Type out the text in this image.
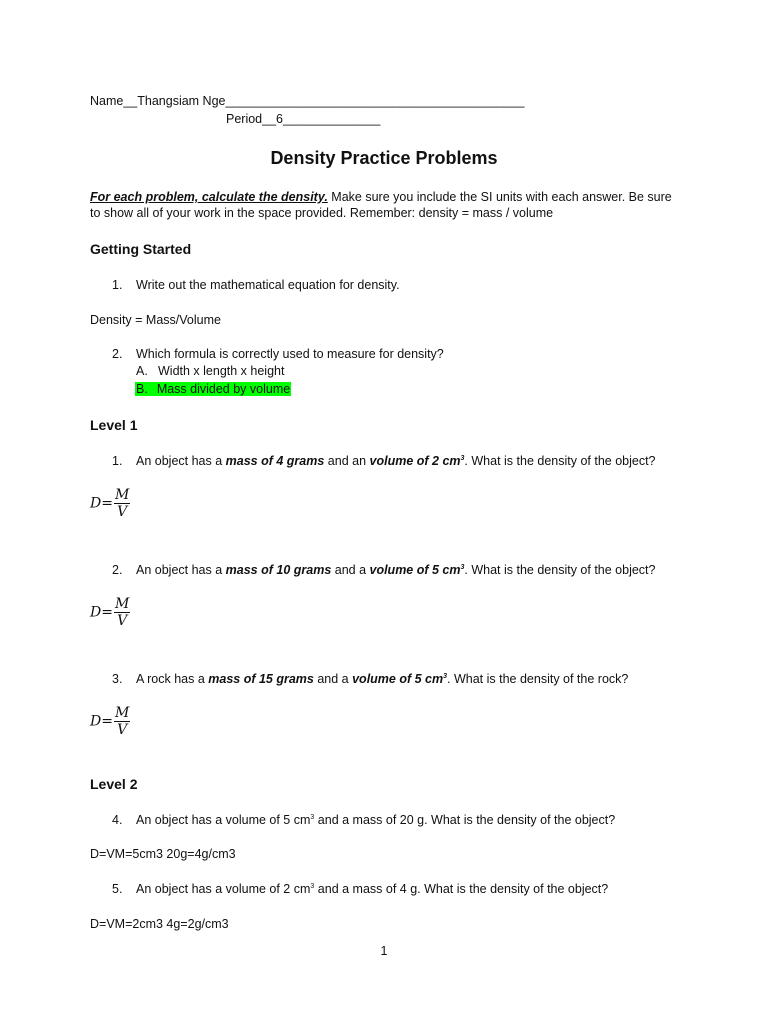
Name__Thangsiam Nge___________________________________________
Period__6______________
Density Practice Problems
For each problem, calculate the density. Make sure you include the SI units with each answer. Be sure to show all of your work in the space provided. Remember: density = mass / volume
Getting Started
1. Write out the mathematical equation for density.
Density = Mass/Volume
2. Which formula is correctly used to measure for density?
A. Width x length x height
B. Mass divided by volume
Level 1
1. An object has a mass of 4 grams and an volume of 2 $cm^3$. What is the density of the object?
$D= \frac{M}{V}$
2. An object has a mass of 10 grams and a volume of 5 $cm^3$. What is the density of the object?
$D= \frac{M}{V}$
3. A rock has a mass of 15 grams and a volume of 5 $cm^3$. What is the density of the rock?
$D= \frac{M}{V}$
Level 2
4. An object has a volume of 5 $cm^3$ and a mass of 20 g. What is the density of the object?
D=VM=5cm3 20g=4g/cm3
5. An object has a volume of 2 $cm^3$ and a mass of 4 g. What is the density of the object?
D=VM=2cm3 4g=2g/cm3
1
